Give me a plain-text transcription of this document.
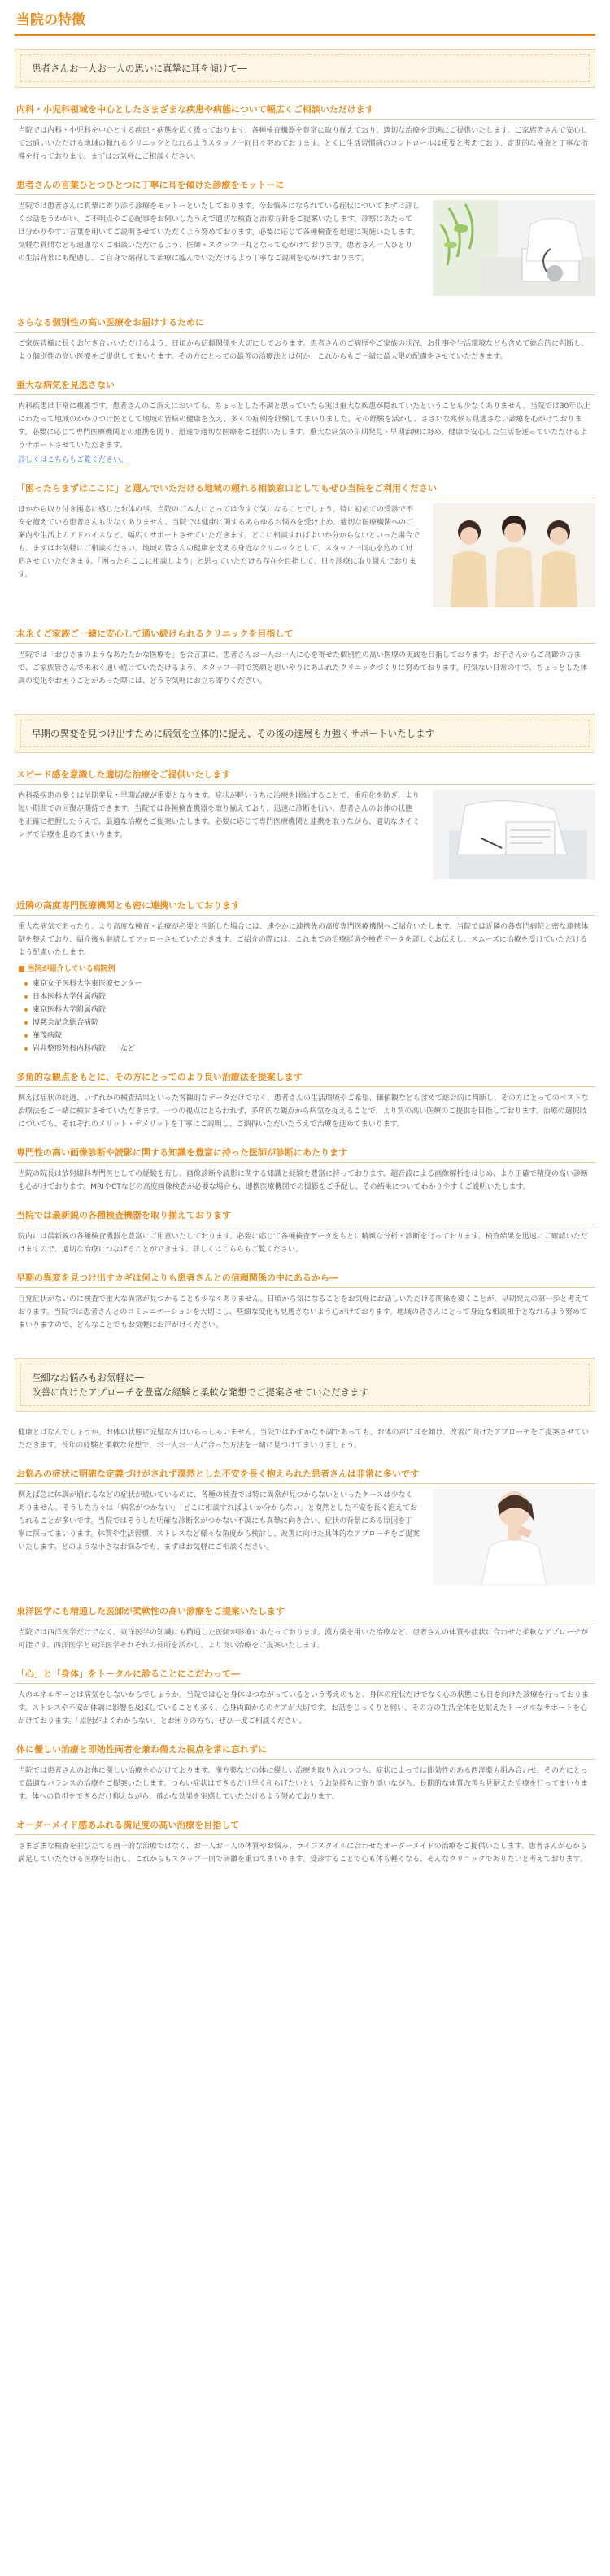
当院の特徴

患者さんお一人お一人の思いに真摯に耳を傾けて―

内科・小児科領域を中心としたさまざまな疾患や病態について幅広くご相談いただけます

当院では内科・小児科を中心とする疾患・病態を広く扱っております。各種検査機器を豊富に取り揃えており、適切な治療を迅速にご提供いたします。ご家族皆さんで安心してお通いいただける地域の頼れるクリニックとなれるようスタッフ一同日々努めております。とくに生活習慣病のコントロールは重要と考えており、定期的な検査と丁寧な指導を行っております。まずはお気軽にご相談ください。

患者さんの言葉ひとつひとつに丁寧に耳を傾けた診療をモットーに

当院では患者さんに真摯に寄り添う診療をモットーといたしております。今お悩みになられている症状についてまずは詳しくお話をうかがい、ご不明点やご心配事をお伺いしたうえで適切な検査と治療方針をご提案いたします。診察にあたっては分かりやすい言葉を用いてご説明させていただくよう努めております。必要に応じて各種検査を迅速に実施いたします。気軽な質問なども遠慮なくご相談いただけるよう、医師・スタッフ一丸となって心がけております。患者さん一人ひとりの生活背景にも配慮し、ご自身で納得して治療に臨んでいただけるよう丁寧なご説明を心がけております。

さらなる個別性の高い医療をお届けするために

ご家族皆様に長くお付き合いいただけるよう、日頃から信頼関係を大切にしております。患者さんのご病歴やご家族の状況、お仕事や生活環境なども含めて総合的に判断し、より個別性の高い医療をご提供してまいります。その方にとっての最善の治療法とは何か、これからもご一緒に最大限の配慮をさせていただきます。

重大な病気を見逃さない

内科疾患は非常に複雑です。患者さんのご訴えにおいても、ちょっとした不調と思っていたら実は重大な疾患が隠れていたということも少なくありません。当院では30年以上にわたって地域のかかりつけ医として地域の皆様の健康を支え、多くの症例を経験してまいりました。その経験を活かし、ささいな兆候も見逃さない診療を心がけております。必要に応じて専門医療機関との連携を図り、迅速で適切な医療をご提供いたします。重大な病気の早期発見・早期治療に努め、健康で安心した生活を送っていただけるようサポートさせていただきます。

詳しくはこちらもご覧ください。
「困ったらまずはここに」と選んでいただける地域の頼れる相談窓口としてもぜひ当院をご利用ください

ほかから取り付き困惑に感じたお体の事、当院のご本人にとっては今すぐ気になることでしょう。特に初めての受診で不安を抱えている患者さんも少なくありません。当院では健康に関するあらゆるお悩みを受け止め、適切な医療機関へのご案内や生活上のアドバイスなど、幅広くサポートさせていただきます。どこに相談すればよいか分からないといった場合でも、まずはお気軽にご相談ください。地域の皆さんの健康を支える身近なクリニックとして、スタッフ一同心を込めて対応させていただきます。「困ったらここに相談しよう」と思っていただける存在を目指して、日々診療に取り組んでおります。

末永くご家族ご一緒に安心して通い続けられるクリニックを目指して

当院では「おひさまのようなあたたかな医療を」を合言葉に、患者さんお一人お一人に心を寄せた個別性の高い医療の実践を目指しております。お子さんからご高齢の方まで、ご家族皆さんで末永く通い続けていただけるよう、スタッフ一同で笑顔と思いやりにあふれたクリニックづくりに努めております。何気ない日常の中で、ちょっとした体調の変化やお困りごとがあった際には、どうぞ気軽にお立ち寄りください。

早期の異変を見つけ出すために病気を立体的に捉え、その後の進展も力強くサポートいたします

スピード感を意識した適切な治療をご提供いたします

内科系疾患の多くは早期発見・早期治療が重要となります。症状が軽いうちに治療を開始することで、重症化を防ぎ、より短い期間での回復が期待できます。当院では各種検査機器を取り揃えており、迅速に診断を行い、患者さんのお体の状態を正確に把握したうえで、最適な治療をご提案いたします。必要に応じて専門医療機関と連携を取りながら、適切なタイミングで治療を進めてまいります。

近隣の高度専門医療機関とも密に連携いたしております

重大な病気であったり、より高度な検査・治療が必要と判断した場合には、速やかに連携先の高度専門医療機関へご紹介いたします。当院では近隣の各専門病院と密な連携体制を整えており、紹介後も継続してフォローさせていただきます。ご紹介の際には、これまでの治療経過や検査データを詳しくお伝えし、スムーズに治療を受けていただけるよう配慮いたします。

■ 当院が紹介している病院例
東京女子医科大学東医療センター
日本医科大学付属病院
東京医科大学附属病院
博慈会記念総合病院
華茂病院
岩井整形外科内科病院　　など
多角的な観点をもとに、その方にとってのより良い治療法を提案します

例えば症状の経過、いずれかの検査結果といった客観的なデータだけでなく、患者さんの生活環境やご希望、価値観なども含めて総合的に判断し、その方にとってのベストな治療法をご一緒に検討させていただきます。一つの視点にとらわれず、多角的な観点から病気を捉えることで、より質の高い医療のご提供を目指しております。治療の選択肢についても、それぞれのメリット・デメリットを丁寧にご説明し、ご納得いただいたうえで治療を進めてまいります。

専門性の高い画像診断や読影に関する知識を豊富に持った医師が診断にあたります

当院の院長は放射線科専門医としての経験を有し、画像診断や読影に関する知識と経験を豊富に持っております。超音波による画像解析をはじめ、より正確で精度の高い診断を心がけております。MRIやCTなどの高度画像検査が必要な場合も、連携医療機関での撮影をご手配し、その結果についてわかりやすくご説明いたします。

当院では最新鋭の各種検査機器を取り揃えております

院内には最新鋭の各種検査機器を豊富にご用意いたしております。必要に応じて各種検査データをもとに精緻な分析・診断を行っております。検査結果を迅速にご確認いただけますので、適切な治療につなげることができます。詳しくはこちらもご覧ください。

早期の異変を見つけ出すカギは何よりも患者さんとの信頼関係の中にあるから―

自覚症状がないのに検査で重大な異常が見つかることも少なくありません。日頃から気になることをお気軽にお話しいただける関係を築くことが、早期発見の第一歩と考えております。当院では患者さんとのコミュニケーションを大切にし、些細な変化も見逃さないよう心がけております。地域の皆さんにとって身近な相談相手となれるよう努めてまいりますので、どんなことでもお気軽にお声がけください。

些細なお悩みもお気軽に―
改善に向けたアプローチを豊富な経験と柔軟な発想でご提案させていただきます

健康とはなんでしょうか。お体の状態に完璧な方はいらっしゃいません。当院ではわずかな不調であっても、お体の声に耳を傾け、改善に向けたアプローチをご提案させていただきます。長年の経験と柔軟な発想で、お一人お一人に合った方法を一緒に見つけてまいりましょう。

お悩みの症状に明確な定義づけがされず漠然とした不安を長く抱えられた患者さんは非常に多いです

例えば急に体調が崩れるなどの症状が続いているのに、各種の検査では特に異常が見つからないといったケースは少なくありません。そうした方々は「病名がつかない」「どこに相談すればよいか分からない」と漠然とした不安を長く抱えておられることが多いです。当院ではそうした明確な診断名がつかない不調にも真摯に向き合い、症状の背景にある原因を丁寧に探ってまいります。体質や生活習慣、ストレスなど様々な角度から検討し、改善に向けた具体的なアプローチをご提案いたします。どのような小さなお悩みでも、まずはお気軽にご相談ください。

東洋医学にも精通した医師が柔軟性の高い診療をご提案いたします

当院では西洋医学だけでなく、東洋医学の知識にも精通した医師が診療にあたっております。漢方薬を用いた治療など、患者さんの体質や症状に合わせた柔軟なアプローチが可能です。西洋医学と東洋医学それぞれの長所を活かし、より良い治療をご提案いたします。

「心」と「身体」をトータルに診ることにこだわって―

人のエネルギーとは病気をしないからでしょうか。当院では心と身体はつながっているという考えのもと、身体の症状だけでなく心の状態にも目を向けた診療を行っております。ストレスや不安が体調に影響を及ぼしていることも多く、心身両面からのケアが大切です。お話をじっくりと伺い、その方の生活全体を見据えたトータルなサポートを心がけております。「原因がよくわからない」とお困りの方も、ぜひ一度ご相談ください。

体に優しい治療と即効性両者を兼ね備えた視点を常に忘れずに

当院では患者さんのお体に優しい治療を心がけております。漢方薬などの体に優しい治療を取り入れつつも、症状によっては即効性のある西洋薬も組み合わせ、その方にとって最適なバランスの治療をご提案いたします。つらい症状はできるだけ早く和らげたいというお気持ちに寄り添いながら、長期的な体質改善も見据えた治療を行ってまいります。体への負担をできるだけ抑えながら、確かな効果を実感していただけるよう努めております。

オーダーメイド感あふれる満足度の高い治療を目指して

さまざまな検査を並びたてる画一的な治療ではなく、お一人お一人の体質やお悩み、ライフスタイルに合わせたオーダーメイドの治療をご提供いたします。患者さんが心から満足していただける医療を目指し、これからもスタッフ一同で研鑽を重ねてまいります。受診することで心も体も軽くなる、そんなクリニックでありたいと考えております。
